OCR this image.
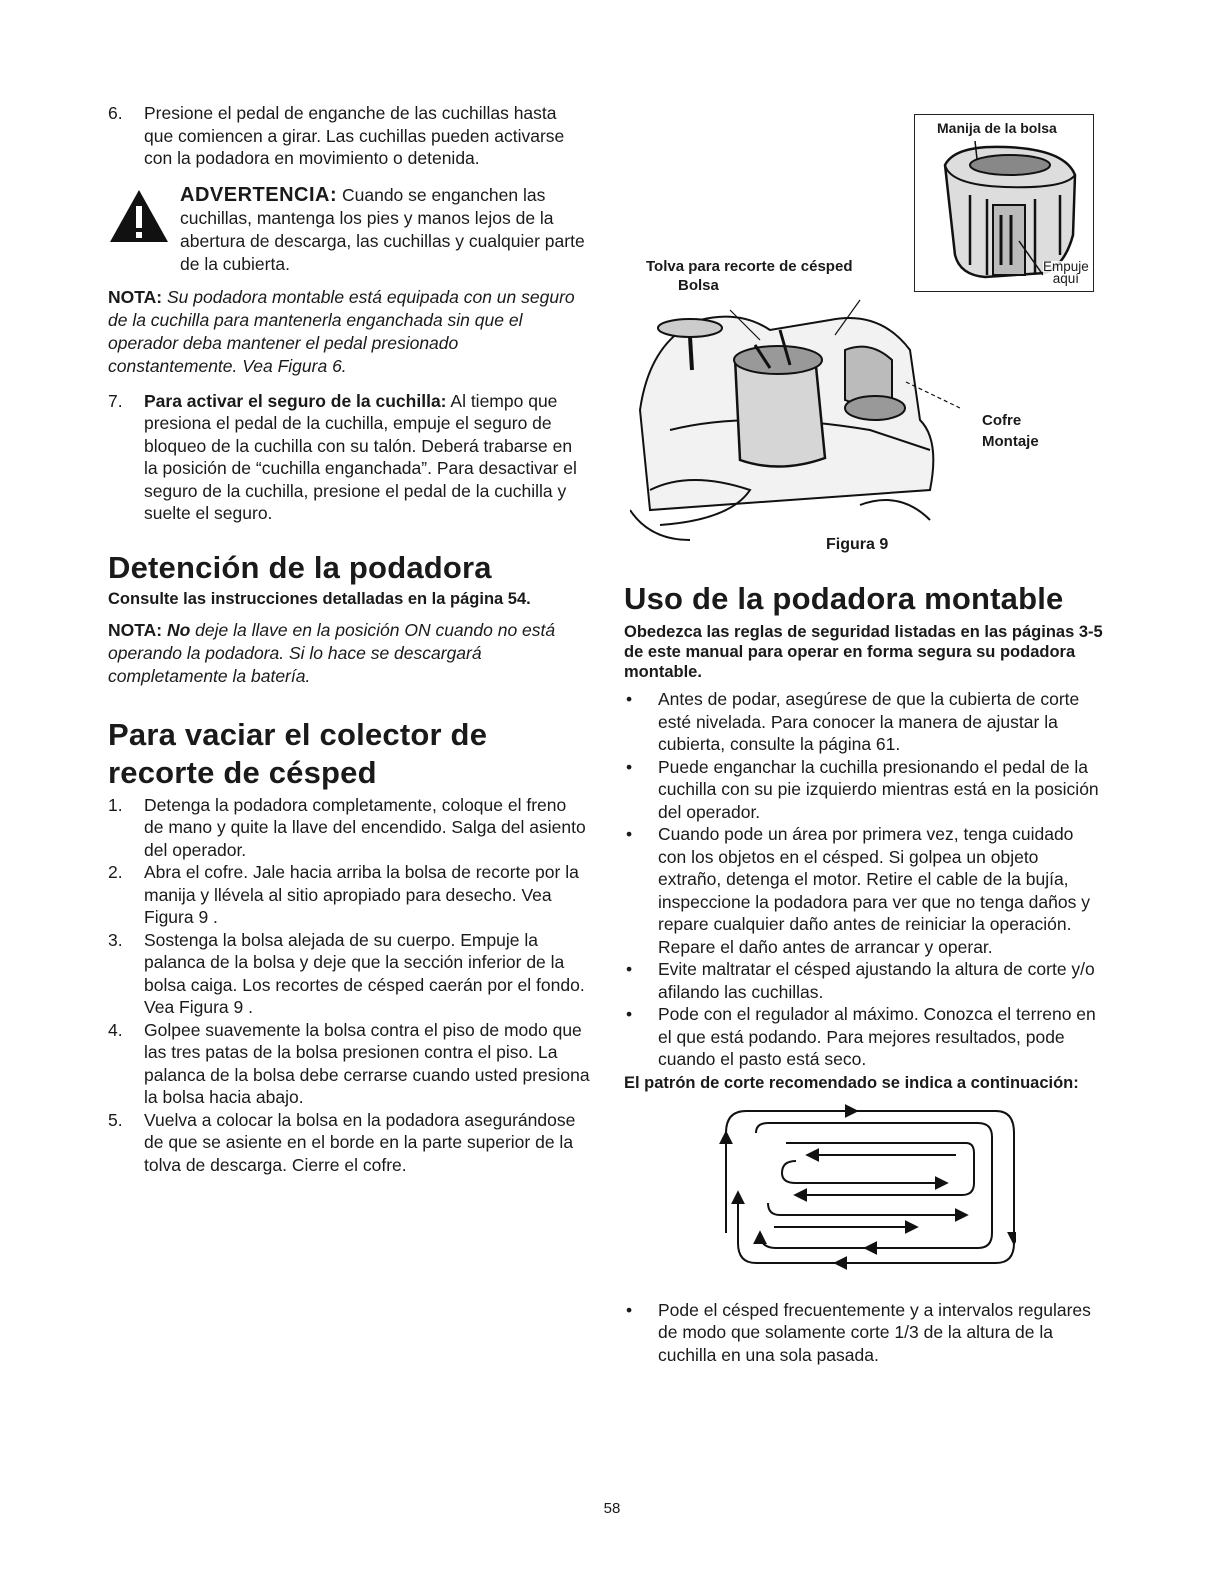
6. Presione el pedal de enganche de las cuchillas hasta que comiencen a girar. Las cuchillas pueden activarse con la podadora en movimiento o detenida.
ADVERTENCIA: Cuando se enganchen las cuchillas, mantenga los pies y manos lejos de la abertura de descarga, las cuchillas y cualquier parte de la cubierta.

NOTA: Su podadora montable está equipada con un seguro de la cuchilla para mantenerla enganchada sin que el operador deba mantener el pedal presionado constantemente. Vea Figura 6.

7. Para activar el seguro de la cuchilla: Al tiempo que presiona el pedal de la cuchilla, empuje el seguro de bloqueo de la cuchilla con su talón. Deberá trabarse en la posición de “cuchilla enganchada”. Para desactivar el seguro de la cuchilla, presione el pedal de la cuchilla y suelte el seguro.
Detención de la podadora

Consulte las instrucciones detalladas en la página 54.

NOTA: No deje la llave en la posición ON cuando no está operando la podadora. Si lo hace se descargará completamente la batería.

Para vaciar el colector de
recorte de césped
1. Detenga la podadora completamente, coloque el freno de mano y quite la llave del encendido. Salga del asiento del operador.
2. Abra el cofre. Jale hacia arriba la bolsa de recorte por la manija y llévela al sitio apropiado para desecho. Vea Figura 9 .
3. Sostenga la bolsa alejada de su cuerpo. Empuje la palanca de la bolsa y deje que la sección inferior de la bolsa caiga. Los recortes de césped caerán por el fondo. Vea Figura 9 .
4. Golpee suavemente la bolsa contra el piso de modo que las tres patas de la bolsa presionen contra el piso. La palanca de la bolsa debe cerrarse cuando usted presiona la bolsa hacia abajo.
5. Vuelva a colocar la bolsa en la podadora asegurándose de que se asiente en el borde en la parte superior de la tolva de descarga. Cierre el cofre.
Manija de la bolsa
Empuje
aquí
Tolva para recorte de césped
Bolsa
Cofre
Montaje
Figura 9
Uso de la podadora montable

Obedezca las reglas de seguridad listadas en las páginas 3-5 de este manual para operar en forma segura su podadora montable.

• Antes de podar, asegúrese de que la cubierta de corte esté nivelada. Para conocer la manera de ajustar la cubierta, consulte la página 61.
• Puede enganchar la cuchilla presionando el pedal de la cuchilla con su pie izquierdo mientras está en la posición del operador.
• Cuando pode un área por primera vez, tenga cuidado con los objetos en el césped. Si golpea un objeto extraño, detenga el motor. Retire el cable de la bujía, inspeccione la podadora para ver que no tenga daños y repare cualquier daño antes de reiniciar la operación. Repare el daño antes de arrancar y operar.
• Evite maltratar el césped ajustando la altura de corte y/o afilando las cuchillas.
• Pode con el regulador al máximo. Conozca el terreno en el que está podando. Para mejores resultados, pode cuando el pasto está seco.

El patrón de corte recomendado se indica a continuación:

• Pode el césped frecuentemente y a intervalos regulares de modo que solamente corte 1/3 de la altura de la cuchilla en una sola pasada.
58
